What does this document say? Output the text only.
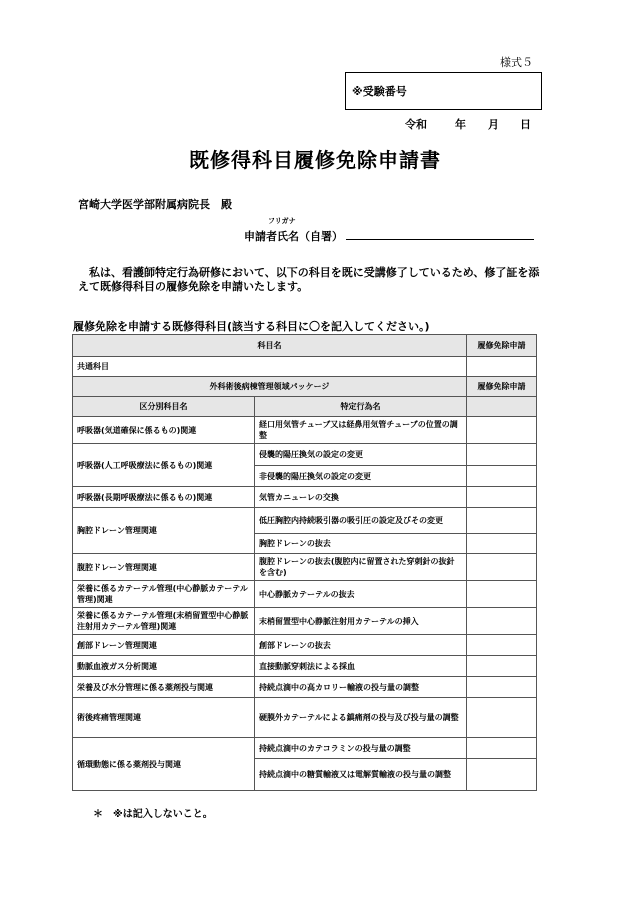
様式５
※受験番号
令和	年 月 日
既修得科目履修免除申請書
宮崎大学医学部附属病院長　殿
フリガナ
申請者氏名（自署）
私は、看護師特定行為研修において、以下の科目を既に受講修了しているため、修了証を添えて既修得科目の履修免除を申請いたします。
履修免除を申請する既修得科目(該当する科目に〇を記入してください。)
科目名		履修免除申請
共通科目		
外科術後病棟管理領域パッケージ		履修免除申請
区分別科目名	特定行為名	
呼吸器(気道確保に係るもの)関連	経口用気管チューブ又は経鼻用気管チューブの位置の調整	
呼吸器(人工呼吸療法に係るもの)関連	侵襲的陽圧換気の設定の変更	
	非侵襲的陽圧換気の設定の変更	
呼吸器(長期呼吸療法に係るもの)関連	気管カニューレの交換	
胸腔ドレーン管理関連	低圧胸腔内持続吸引器の吸引圧の設定及びその変更	
	胸腔ドレーンの抜去	
腹腔ドレーン管理関連	腹腔ドレーンの抜去(腹腔内に留置された穿刺針の抜針を含む)	
栄養に係るカテーテル管理(中心静脈カテーテル管理)関連	中心静脈カテーテルの抜去	
栄養に係るカテーテル管理(末梢留置型中心静脈注射用カテーテル管理)関連	末梢留置型中心静脈注射用カテーテルの挿入	
創部ドレーン管理関連	創部ドレーンの抜去	
動脈血液ガス分析関連	直接動脈穿刺法による採血	
栄養及び水分管理に係る薬剤投与関連	持続点滴中の高カロリー輸液の投与量の調整	
術後疼痛管理関連	硬膜外カテーテルによる鎮痛剤の投与及び投与量の調整	
循環動態に係る薬剤投与関連	持続点滴中のカテコラミンの投与量の調整	
	持続点滴中の糖質輸液又は電解質輸液の投与量の調整	
＊　※は記入しないこと。
